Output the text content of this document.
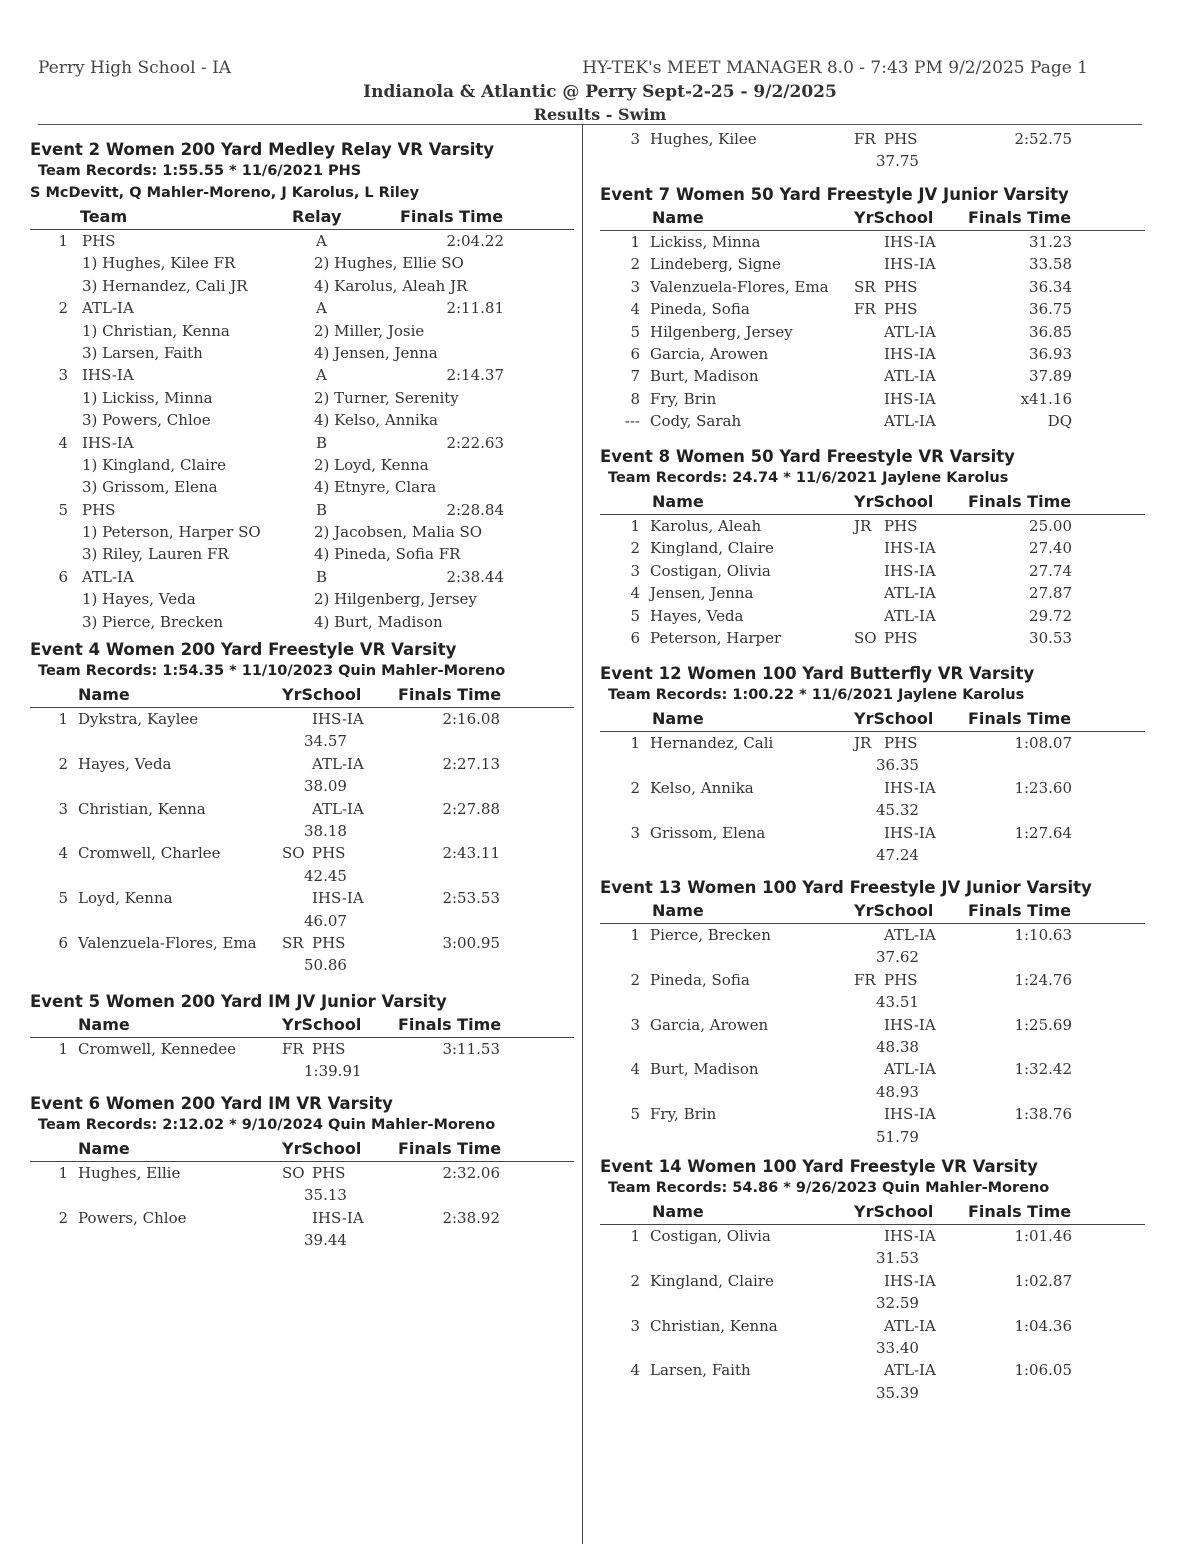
Perry High School - IA	HY-TEK's MEET MANAGER 8.0 - 7:43 PM 9/2/2025 Page 1
Indianola & Atlantic @ Perry Sept-2-25 - 9/2/2025
Results - Swim
Event 2 Women 200 Yard Medley Relay VR Varsity
Team Records: 1:55.55 * 11/6/2021 PHS
S McDevitt, Q Mahler-Moreno, J Karolus, L Riley
Team	Relay	Finals Time
1 PHS	A	2:04.22
1) Hughes, Kilee FR	2) Hughes, Ellie SO
3) Hernandez, Cali JR	4) Karolus, Aleah JR
2 ATL-IA	A	2:11.81
1) Christian, Kenna	2) Miller, Josie
3) Larsen, Faith	4) Jensen, Jenna
3 IHS-IA	A	2:14.37
1) Lickiss, Minna	2) Turner, Serenity
3) Powers, Chloe	4) Kelso, Annika
4 IHS-IA	B	2:22.63
1) Kingland, Claire	2) Loyd, Kenna
3) Grissom, Elena	4) Etnyre, Clara
5 PHS	B	2:28.84
1) Peterson, Harper SO	2) Jacobsen, Malia SO
3) Riley, Lauren FR	4) Pineda, Sofia FR
6 ATL-IA	B	2:38.44
1) Hayes, Veda	2) Hilgenberg, Jersey
3) Pierce, Brecken	4) Burt, Madison
Event 4 Women 200 Yard Freestyle VR Varsity
Team Records: 1:54.35 * 11/10/2023 Quin Mahler-Moreno
Name	YrSchool Finals Time
1 Dykstra, Kaylee	IHS-IA	2:16.08
34.57
2 Hayes, Veda	ATL-IA	2:27.13
38.09
3 Christian, Kenna	ATL-IA	2:27.88
38.18
4 Cromwell, Charlee	SO PHS	2:43.11
42.45
5 Loyd, Kenna	IHS-IA	2:53.53
46.07
6 Valenzuela-Flores, Ema SR PHS	3:00.95
50.86
Event 5 Women 200 Yard IM JV Junior Varsity
Name	YrSchool Finals Time
1 Cromwell, Kennedee	FR PHS	3:11.53
1:39.91
Event 6 Women 200 Yard IM VR Varsity
Team Records: 2:12.02 * 9/10/2024 Quin Mahler-Moreno
Name	YrSchool Finals Time
1 Hughes, Ellie	SO PHS	2:32.06
35.13
2 Powers, Chloe	IHS-IA	2:38.92
39.44
3 Hughes, Kilee	FR PHS	2:52.75
37.75
Event 7 Women 50 Yard Freestyle JV Junior Varsity
Name	YrSchool Finals Time
1 Lickiss, Minna	IHS-IA	31.23
2 Lindeberg, Signe	IHS-IA	33.58
3 Valenzuela-Flores, Ema SR PHS	36.34
4 Pineda, Sofia	FR PHS	36.75
5 Hilgenberg, Jersey	ATL-IA	36.85
6 Garcia, Arowen	IHS-IA	36.93
7 Burt, Madison	ATL-IA	37.89
8 Fry, Brin	IHS-IA	x41.16
--- Cody, Sarah	ATL-IA	DQ
Event 8 Women 50 Yard Freestyle VR Varsity
Team Records: 24.74 * 11/6/2021 Jaylene Karolus
Name	YrSchool Finals Time
1 Karolus, Aleah	JR PHS	25.00
2 Kingland, Claire	IHS-IA	27.40
3 Costigan, Olivia	IHS-IA	27.74
4 Jensen, Jenna	ATL-IA	27.87
5 Hayes, Veda	ATL-IA	29.72
6 Peterson, Harper	SO PHS	30.53
Event 12 Women 100 Yard Butterfly VR Varsity
Team Records: 1:00.22 * 11/6/2021 Jaylene Karolus
Name	YrSchool Finals Time
1 Hernandez, Cali	JR PHS	1:08.07
36.35
2 Kelso, Annika	IHS-IA	1:23.60
45.32
3 Grissom, Elena	IHS-IA	1:27.64
47.24
Event 13 Women 100 Yard Freestyle JV Junior Varsity
Name	YrSchool Finals Time
1 Pierce, Brecken	ATL-IA	1:10.63
37.62
2 Pineda, Sofia	FR PHS	1:24.76
43.51
3 Garcia, Arowen	IHS-IA	1:25.69
48.38
4 Burt, Madison	ATL-IA	1:32.42
48.93
5 Fry, Brin	IHS-IA	1:38.76
51.79
Event 14 Women 100 Yard Freestyle VR Varsity
Team Records: 54.86 * 9/26/2023 Quin Mahler-Moreno
Name	YrSchool Finals Time
1 Costigan, Olivia	IHS-IA	1:01.46
31.53
2 Kingland, Claire	IHS-IA	1:02.87
32.59
3 Christian, Kenna	ATL-IA	1:04.36
33.40
4 Larsen, Faith	ATL-IA	1:06.05
35.39
